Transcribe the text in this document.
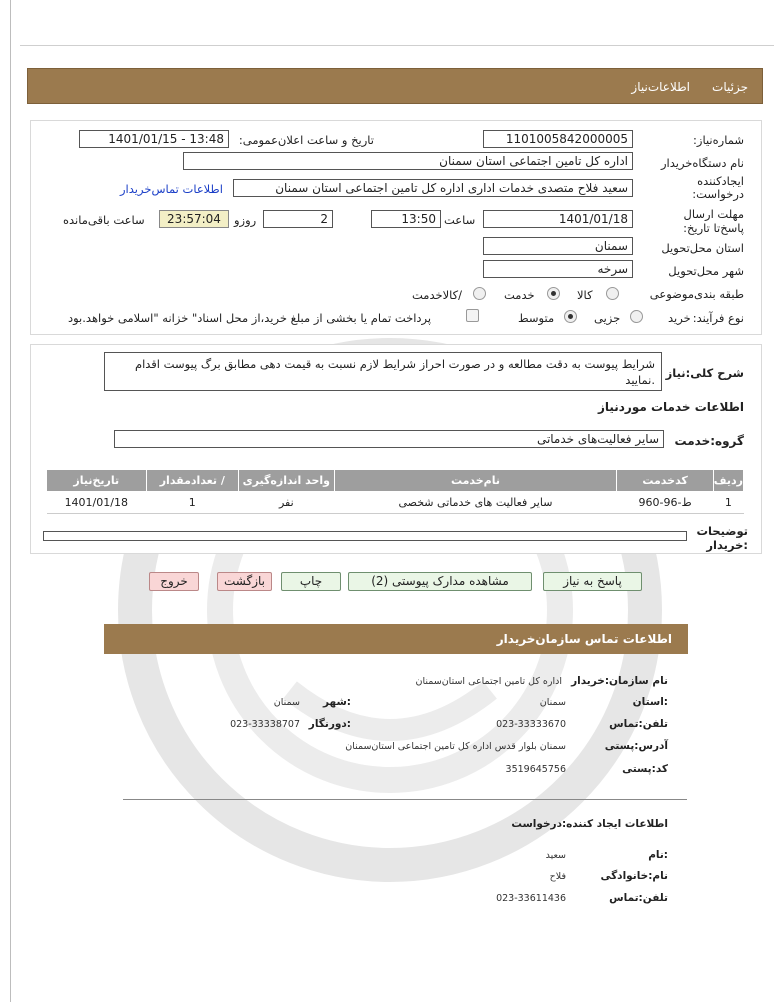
جزئیات
اطلاعات‌نیاز
شماره‌نیاز:
1101005842000005
تاریخ و ساعت اعلان‌عمومی:
1401/01/15 - 13:48
نام دستگاه‌خریدار
اداره کل تامین اجتماعی استان سمنان
ایجادکننده درخواست:
سعید فلاح متصدی خدمات اداری اداره کل تامین اجتماعی استان سمنان
اطلاعات تماس‌خریدار
مهلت ارسال پاسخ‌تا تاریخ:
1401/01/18
ساعت
13:50
2
روزو
23:57:04
ساعت باقی‌مانده
استان محل‌تحویل
سمنان
شهر محل‌تحویل
سرخه
طبقه بندی‌موضوعی
کالا
خدمت
/کالاخدمت
نوع فرآیند:
خرید
جزیی
متوسط
پرداخت تمام یا بخشی از مبلغ خرید،از محل اسناد" خزانه "اسلامی خواهد.بود
شرح کلی:نیاز
شرایط پیوست به دقت مطالعه و در صورت احراز شرایط لازم نسبت به قیمت دهی مطابق برگ پیوست اقدام .نمایید
اطلاعات خدمات موردنیاز
گروه:خدمت
سایر فعالیت‌های خدماتی
ردیف	کدخدمت	نام‌خدمت	واحد اندازه‌گیری	/ تعدادمقدار	تاریخ‌نیاز
1	ط-96-960	سایر فعالیت های خدماتی شخصی	نفر	1	1401/01/18
توضیحات :خریدار
پاسخ به نیاز
مشاهده مدارک پیوستی (2)
چاپ
بازگشت
خروج
اطلاعات تماس سازمان‌خریدار
نام سازمان:خریدار
اداره کل تامین اجتماعی استان‌سمنان
:استان
سمنان
:شهر
سمنان
تلفن:تماس
023-33333670
:دورنگار
023-33338707
آدرس:پستی
سمنان بلوار قدس اداره کل تامین اجتماعی استان‌سمنان
کد:پستی
3519645756
اطلاعات ایجاد کننده:درخواست
:نام
سعید
نام:خانوادگی
فلاح
تلفن:تماس
023-33611436
